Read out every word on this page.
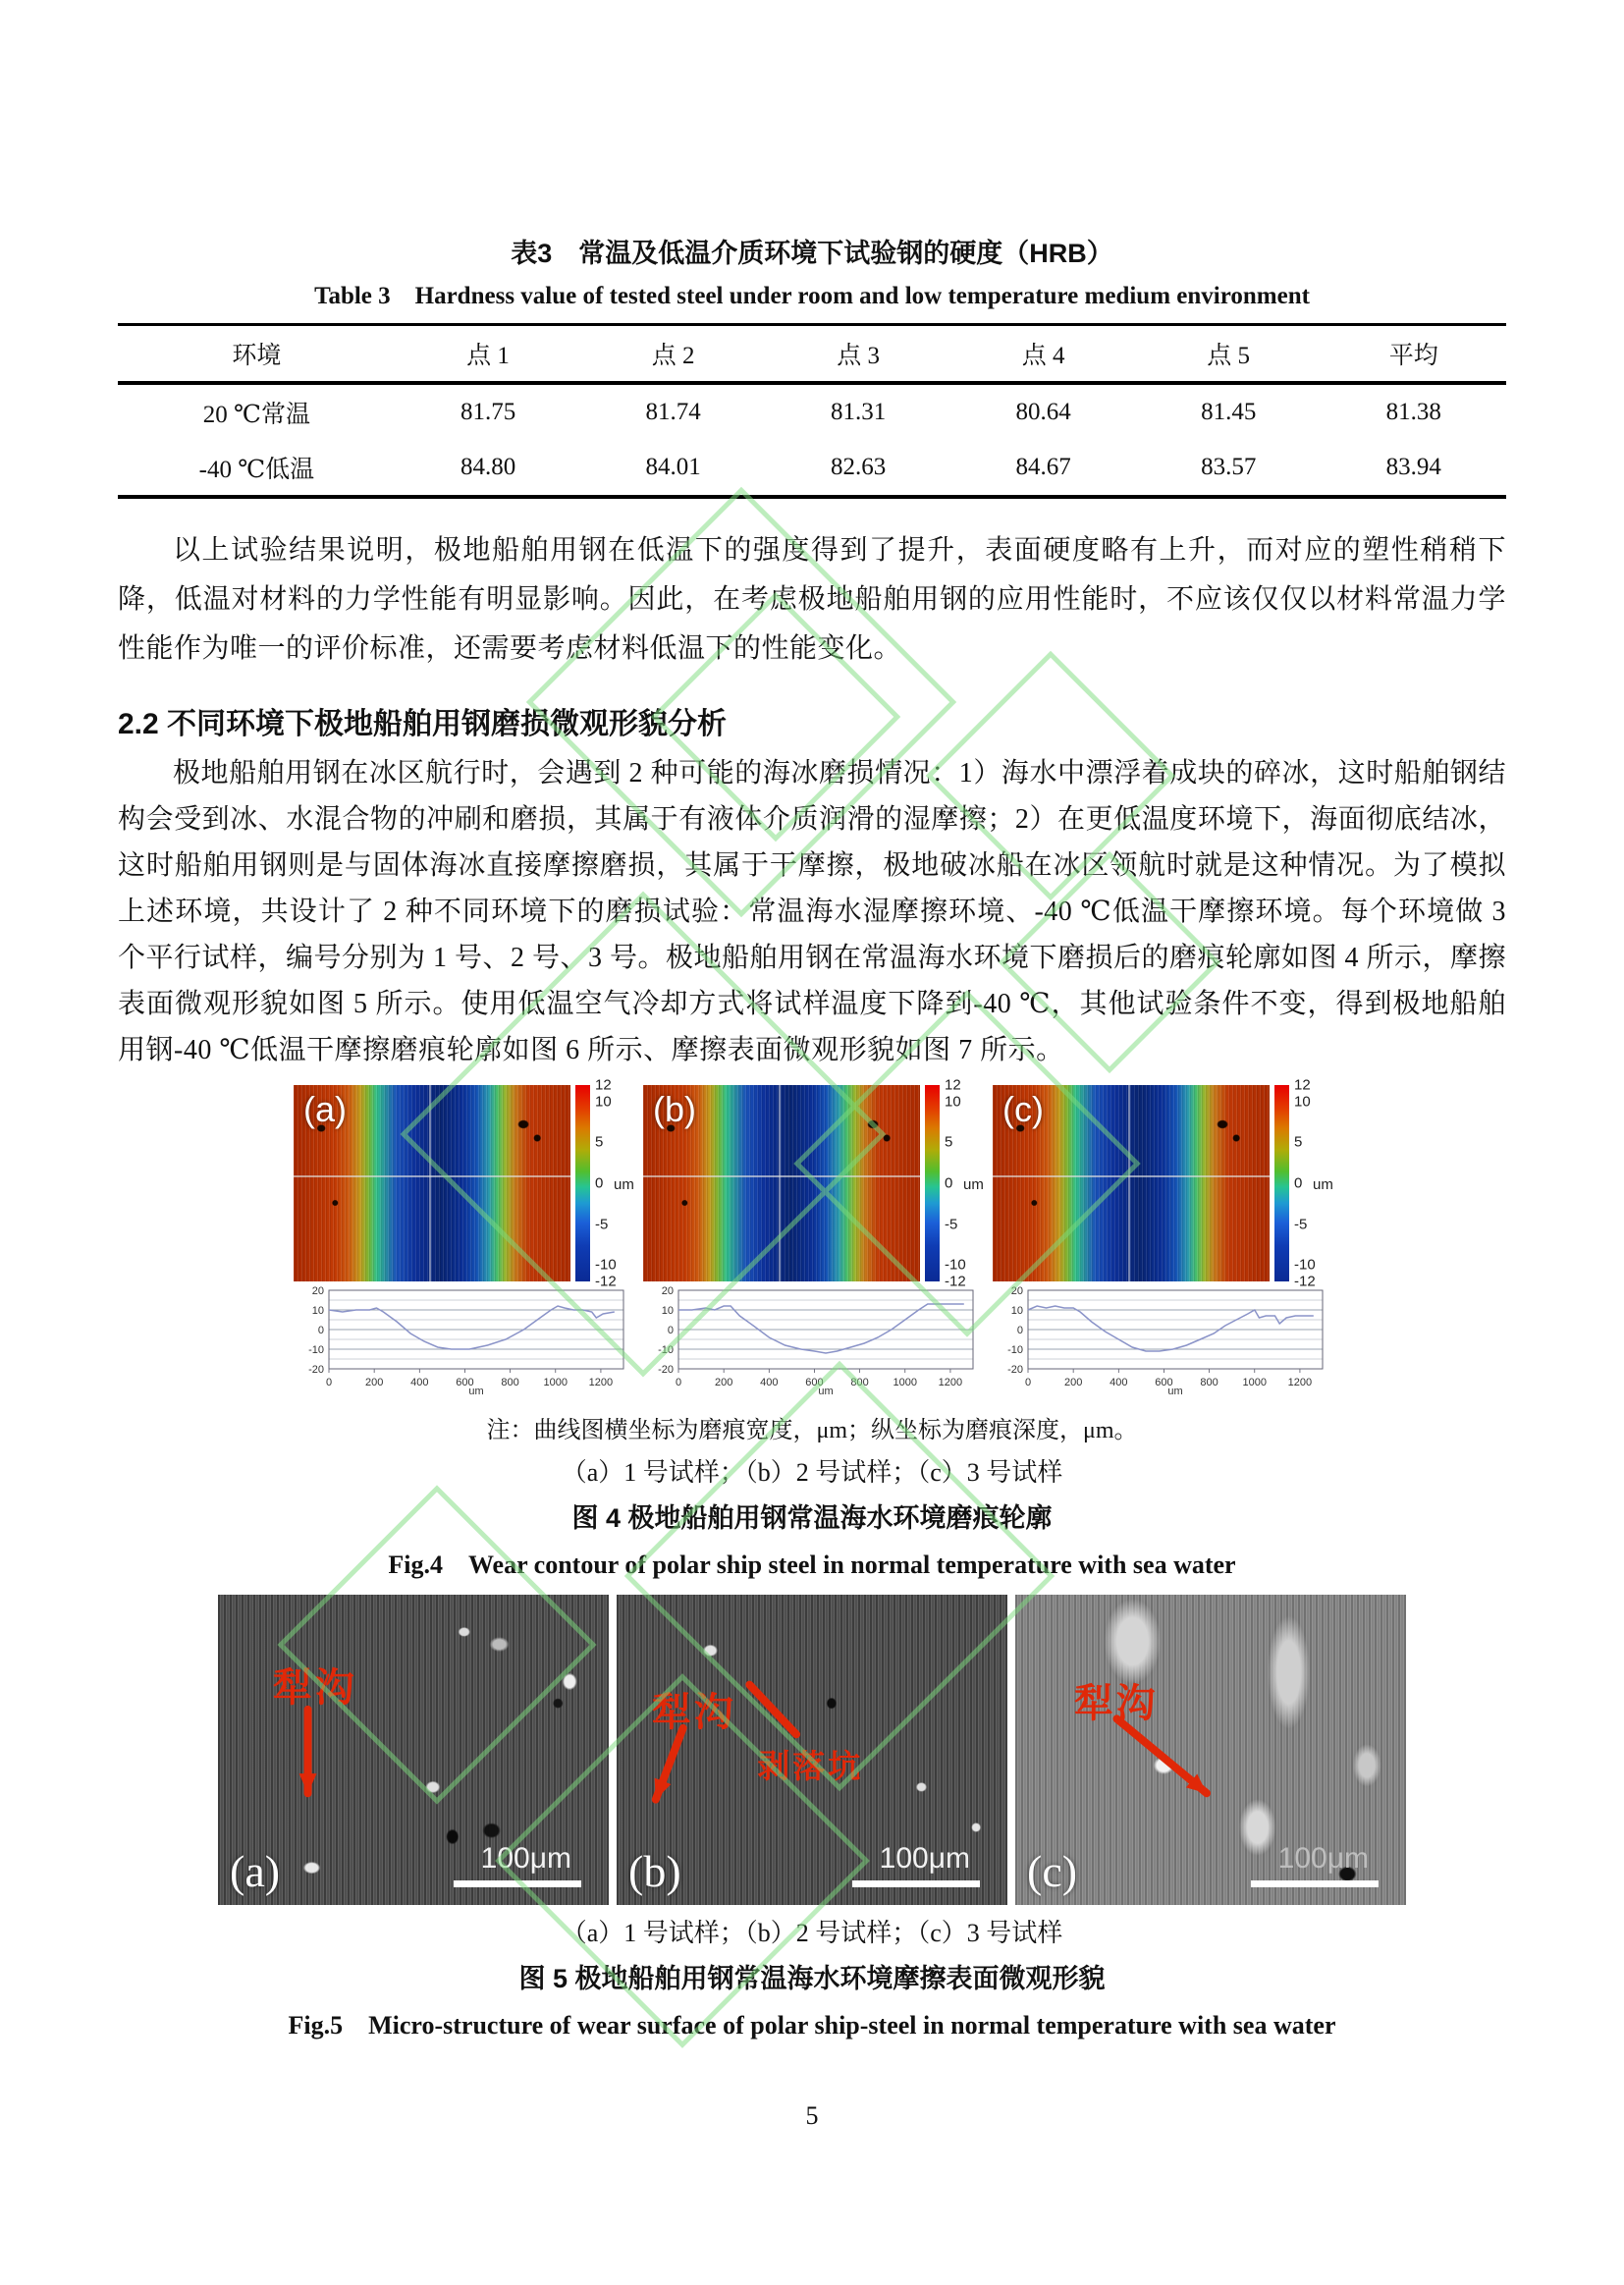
表3　常温及低温介质环境下试验钢的硬度（HRB）
Table 3　Hardness value of tested steel under room and low temperature medium environment
环境	点 1	点 2	点 3	点 4	点 5	平均
20 ℃常温	81.75	81.74	81.31	80.64	81.45	81.38
-40 ℃低温	84.80	84.01	82.63	84.67	83.57	83.94

以上试验结果说明，极地船舶用钢在低温下的强度得到了提升，表面硬度略有上升，而对应的塑性稍稍下降，低温对材料的力学性能有明显影响。因此，在考虑极地船舶用钢的应用性能时，不应该仅仅以材料常温力学性能作为唯一的评价标准，还需要考虑材料低温下的性能变化。

2.2 不同环境下极地船舶用钢磨损微观形貌分析

极地船舶用钢在冰区航行时，会遇到 2 种可能的海冰磨损情况：1）海水中漂浮着成块的碎冰，这时船舶钢结构会受到冰、水混合物的冲刷和磨损，其属于有液体介质润滑的湿摩擦；2）在更低温度环境下，海面彻底结冰，这时船舶用钢则是与固体海冰直接摩擦磨损，其属于干摩擦，极地破冰船在冰区领航时就是这种情况。为了模拟上述环境，共设计了 2 种不同环境下的磨损试验：常温海水湿摩擦环境、-40 ℃低温干摩擦环境。每个环境做 3 个平行试样，编号分别为 1 号、2 号、3 号。极地船舶用钢在常温海水环境下磨损后的磨痕轮廓如图 4 所示，摩擦表面微观形貌如图 5 所示。使用低温空气冷却方式将试样温度下降到-40 ℃，其他试验条件不变，得到极地船舶用钢-40 ℃低温干摩擦磨痕轮廓如图 6 所示、摩擦表面微观形貌如图 7 所示。

(a)
12
10
5
0
-5
-10
-12
um
0	200	400	600	800 1000 1200
20
10
0
-10
-20
um
(b)
12
10
5
0
-5
-10
-12
um
0	200	400	600	800 1000 1200
20
10
0
-10
-20
um
(c)
12
10
5
0
-5
-10
-12
um
0	200	400	600	800 1000 1200
20
10
0
-10
-20
um
注：曲线图横坐标为磨痕宽度，μm；纵坐标为磨痕深度，μm。
（a）1 号试样；（b）2 号试样；（c）3 号试样
图 4 极地船舶用钢常温海水环境磨痕轮廓
Fig.4　Wear contour of polar ship steel in normal temperature with sea water
犁沟
(a)	100μm
犁沟
剥落坑
(b)	100μm
犁沟
(c)	100μm
（a）1 号试样；（b）2 号试样；（c）3 号试样
图 5 极地船舶用钢常温海水环境摩擦表面微观形貌
Fig.5　Micro-structure of wear surface of polar ship-steel in normal temperature with sea water
5
